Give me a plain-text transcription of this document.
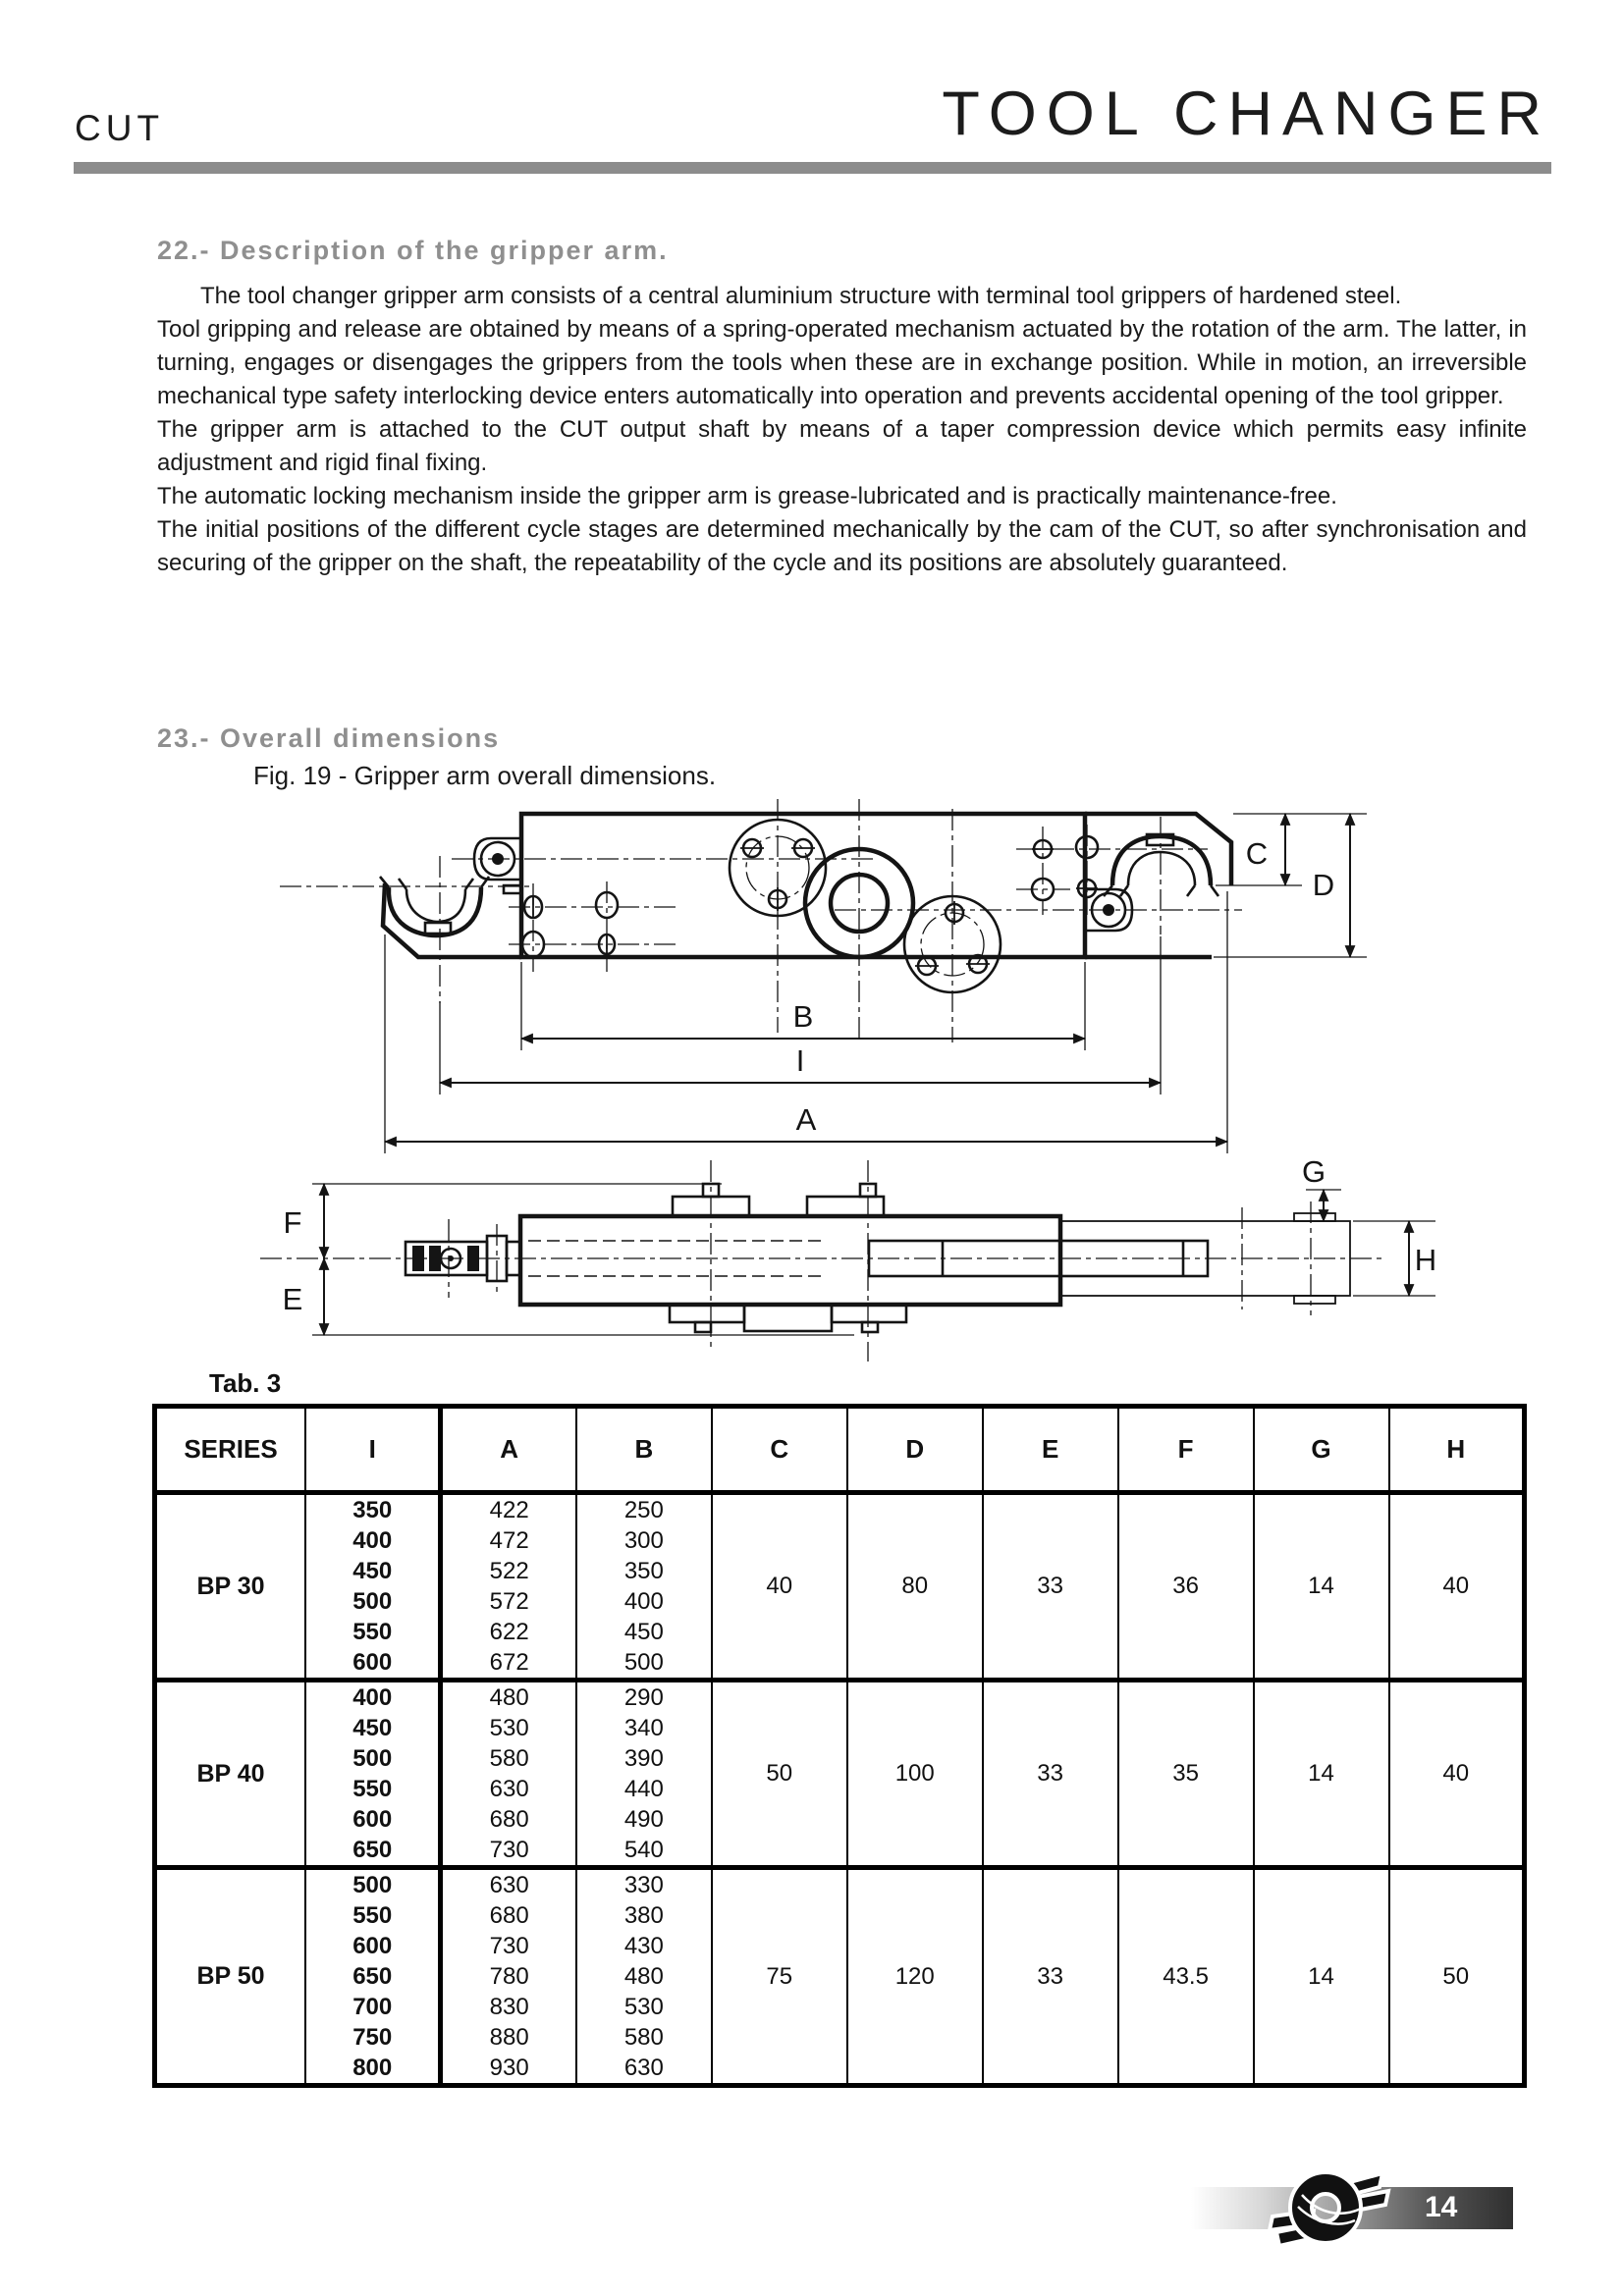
CUT	TOOL CHANGER
22.- Description of the gripper arm.

The tool changer gripper arm consists of a central aluminium structure with terminal tool grippers of hardened steel.

Tool gripping and release are obtained by means of a spring-operated mechanism actuated by the rotation of the arm. The latter, in turning, engages or disengages the grippers from the tools when these are in exchange position. While in motion, an irreversible mechanical type safety interlocking device enters automatically into operation and prevents accidental opening of the tool gripper.

The gripper arm is attached to the CUT output shaft by means of a taper compression device which permits easy infinite adjustment and rigid final fixing.

The automatic locking mechanism inside the gripper arm is grease-lubricated and is practically maintenance-free.

The initial positions of the different cycle stages are determined mechanically by the cam of the CUT, so after synchronisation and securing of the gripper on the shaft, the repeatability of the cycle and its positions are absolutely guaranteed.

23.- Overall dimensions
Fig. 19 - Gripper arm overall dimensions.
B
I
A
C
D
F
E
G
H
Tab. 3
SERIES	I	A	B	C	D	E	F	G	H
BP 30	350	422	250	40	80	33	36	14	40
	400	472	300						
	450	522	350						
	500	572	400						
	550	622	450						
	600	672	500						
BP 40	400	480	290	50	100	33	35	14	40
	450	530	340						
	500	580	390						
	550	630	440						
	600	680	490						
	650	730	540						
BP 50	500	630	330	75	120	33	43.5	14	50
	550	680	380						
	600	730	430						
	650	780	480						
	700	830	530						
	750	880	580						
	800	930	630						
14
